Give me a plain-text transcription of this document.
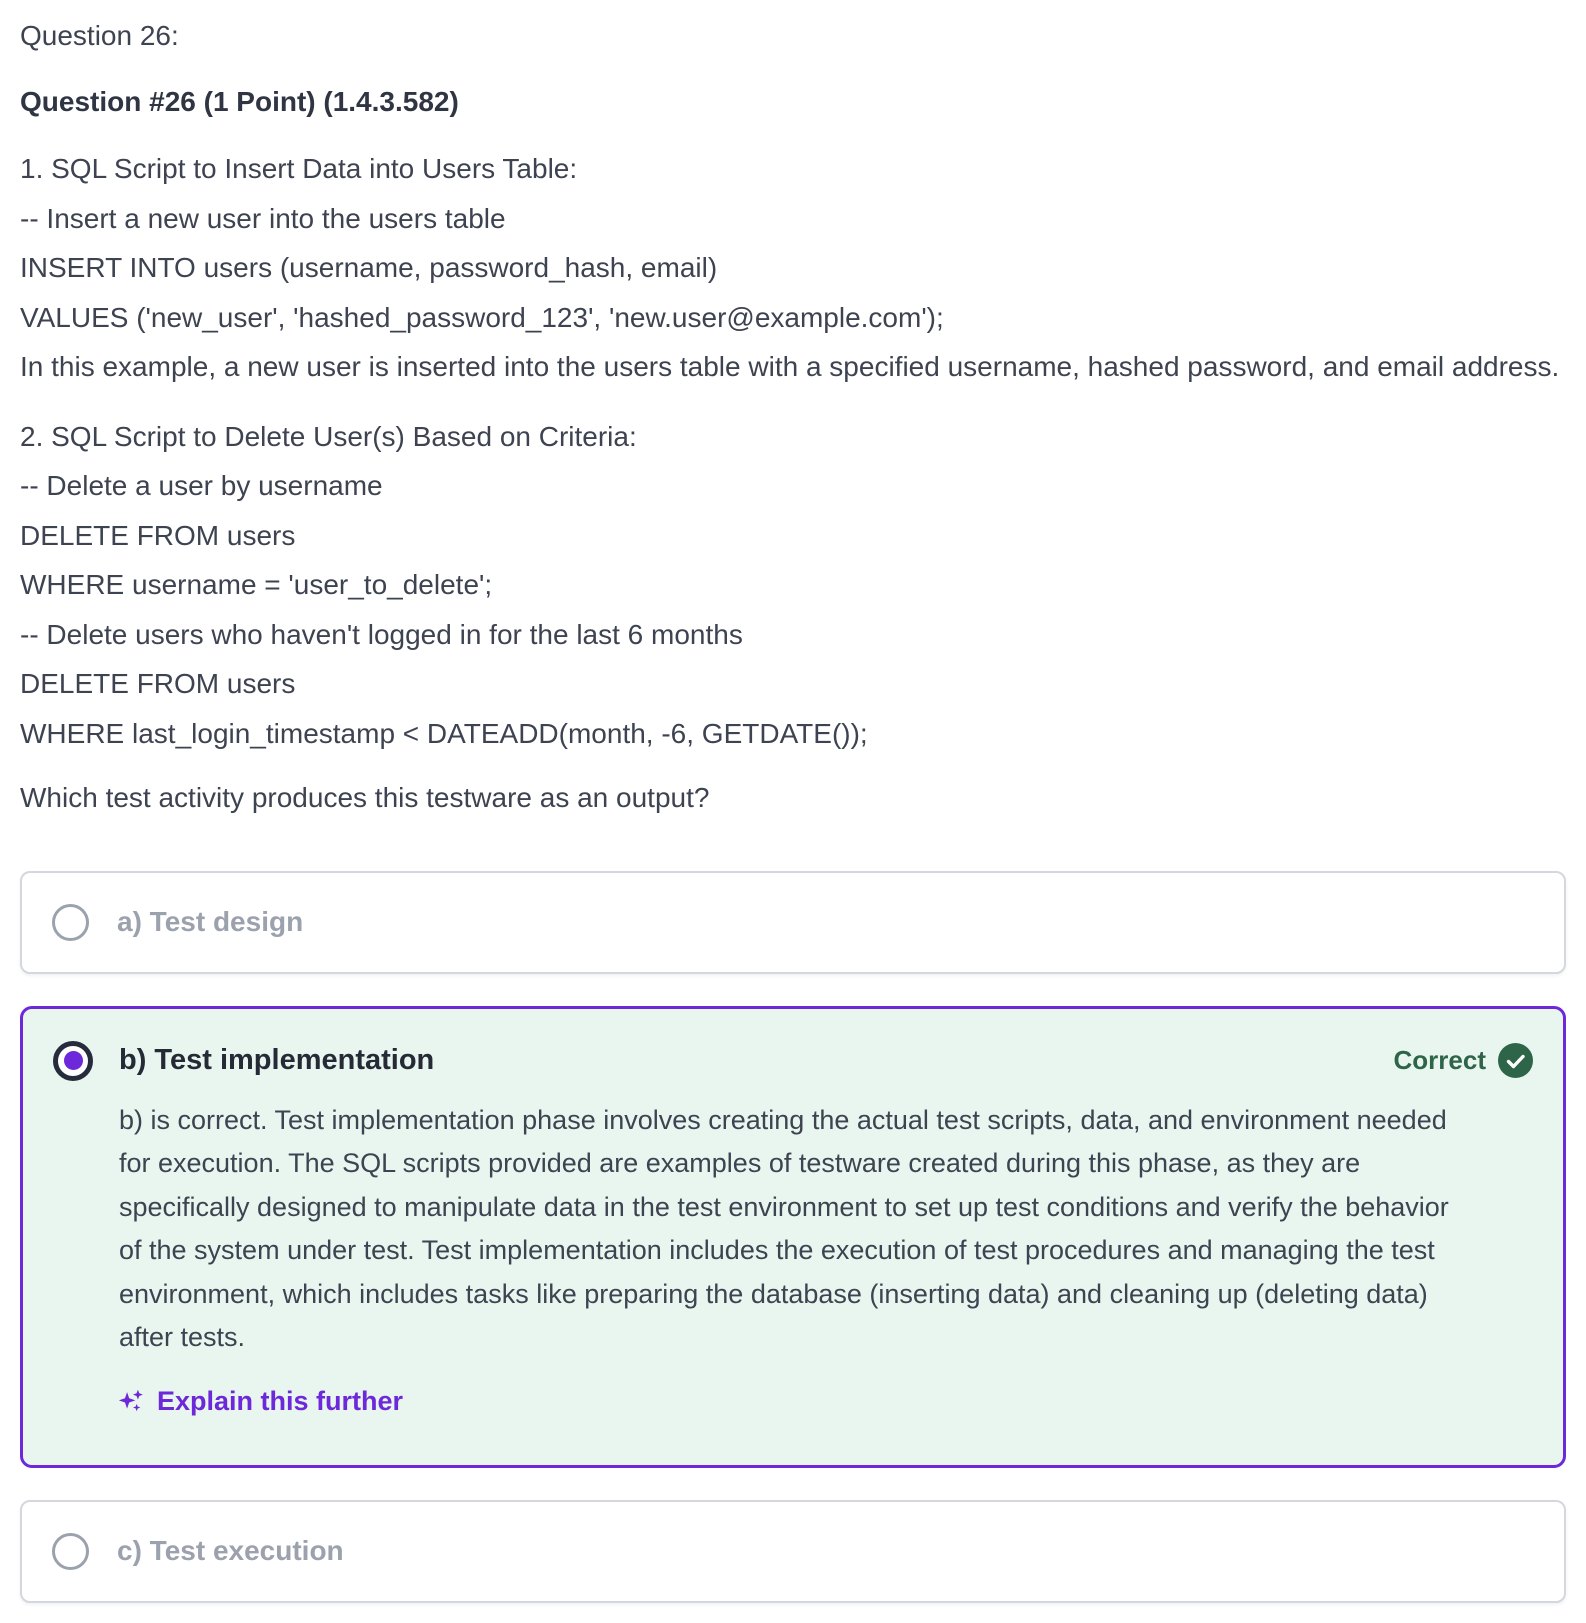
Question 26:

Question #26 (1 Point) (1.4.3.582)

1. SQL Script to Insert Data into Users Table:
-- Insert a new user into the users table
INSERT INTO users (username, password_hash, email)
VALUES ('new_user', 'hashed_password_123', 'new.user@example.com');
In this example, a new user is inserted into the users table with a specified username, hashed password, and email address.
2. SQL Script to Delete User(s) Based on Criteria:
-- Delete a user by username
DELETE FROM users
WHERE username = 'user_to_delete';
-- Delete users who haven't logged in for the last 6 months
DELETE FROM users
WHERE last_login_timestamp < DATEADD(month, -6, GETDATE());

Which test activity produces this testware as an output?

a) Test design
b) Test implementation	Correct

b) is correct. Test implementation phase involves creating the actual test scripts, data, and environment needed for execution. The SQL scripts provided are examples of testware created during this phase, as they are specifically designed to manipulate data in the test environment to set up test conditions and verify the behavior of the system under test. Test implementation includes the execution of test procedures and managing the test environment, which includes tasks like preparing the database (inserting data) and cleaning up (deleting data) after tests.

Explain this further
c) Test execution
